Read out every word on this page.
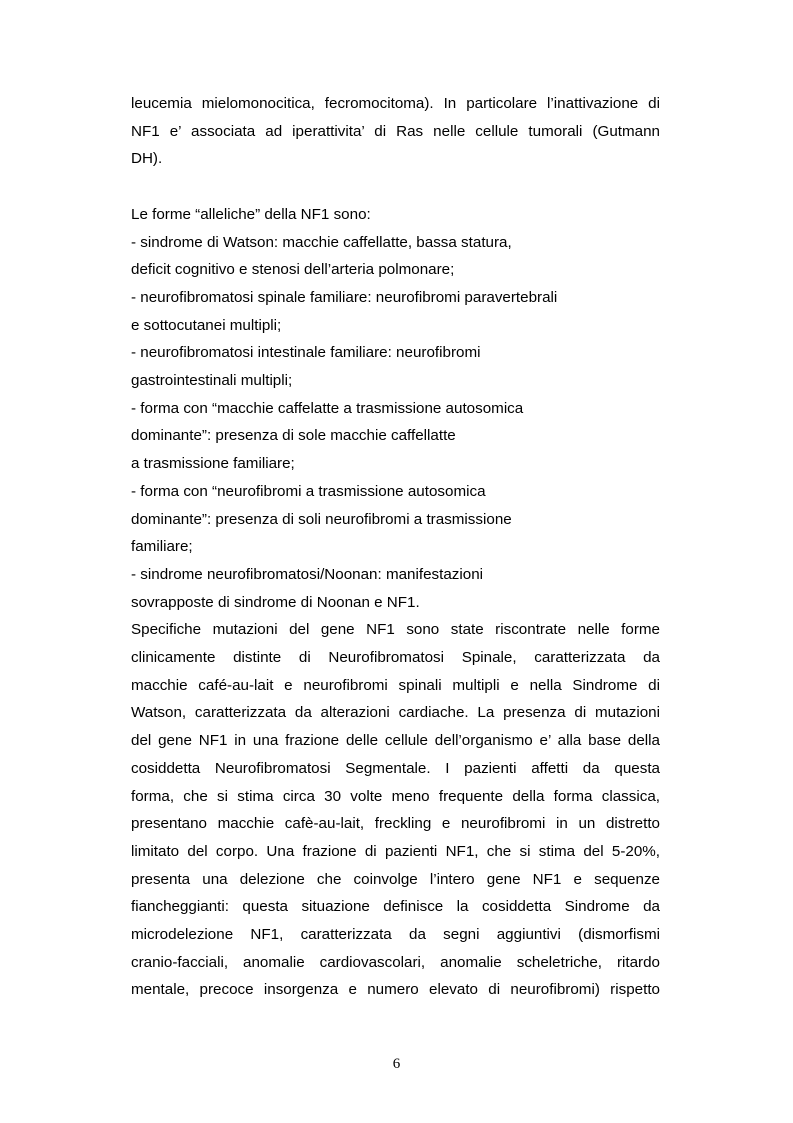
leucemia mielomonocitica, fecromocitoma). In particolare l’inattivazione di
NF1 e’ associata ad iperattivita’ di Ras nelle cellule tumorali (Gutmann
DH).

Le forme “alleliche” della NF1 sono:
- sindrome di Watson: macchie caffellatte, bassa statura,
deficit cognitivo e stenosi dell’arteria polmonare;
- neurofibromatosi spinale familiare: neurofibromi paravertebrali
e sottocutanei multipli;
- neurofibromatosi intestinale familiare: neurofibromi
gastrointestinali multipli;
- forma con “macchie caffelatte a trasmissione autosomica
dominante”: presenza di sole macchie caffellatte
a trasmissione familiare;
- forma con “neurofibromi a trasmissione autosomica
dominante”: presenza di soli neurofibromi a trasmissione
familiare;
- sindrome neurofibromatosi/Noonan: manifestazioni
sovrapposte di sindrome di Noonan e NF1.

Specifiche mutazioni del gene NF1 sono state riscontrate nelle forme
clinicamente distinte di Neurofibromatosi Spinale, caratterizzata da
macchie café-au-lait e neurofibromi spinali multipli e nella Sindrome di
Watson, caratterizzata da alterazioni cardiache. La presenza di mutazioni
del gene NF1 in una frazione delle cellule dell’organismo e’ alla base della
cosiddetta Neurofibromatosi Segmentale. I pazienti affetti da questa
forma, che si stima circa 30 volte meno frequente della forma classica,
presentano macchie cafè-au-lait, freckling e neurofibromi in un distretto
limitato del corpo. Una frazione di pazienti NF1, che si stima del 5-20%,
presenta una delezione che coinvolge l’intero gene NF1 e sequenze
fiancheggianti: questa situazione definisce la cosiddetta Sindrome da
microdelezione NF1, caratterizzata da segni aggiuntivi (dismorfismi
cranio-facciali, anomalie cardiovascolari, anomalie scheletriche, ritardo
mentale, precoce insorgenza e numero elevato di neurofibromi) rispetto

6
